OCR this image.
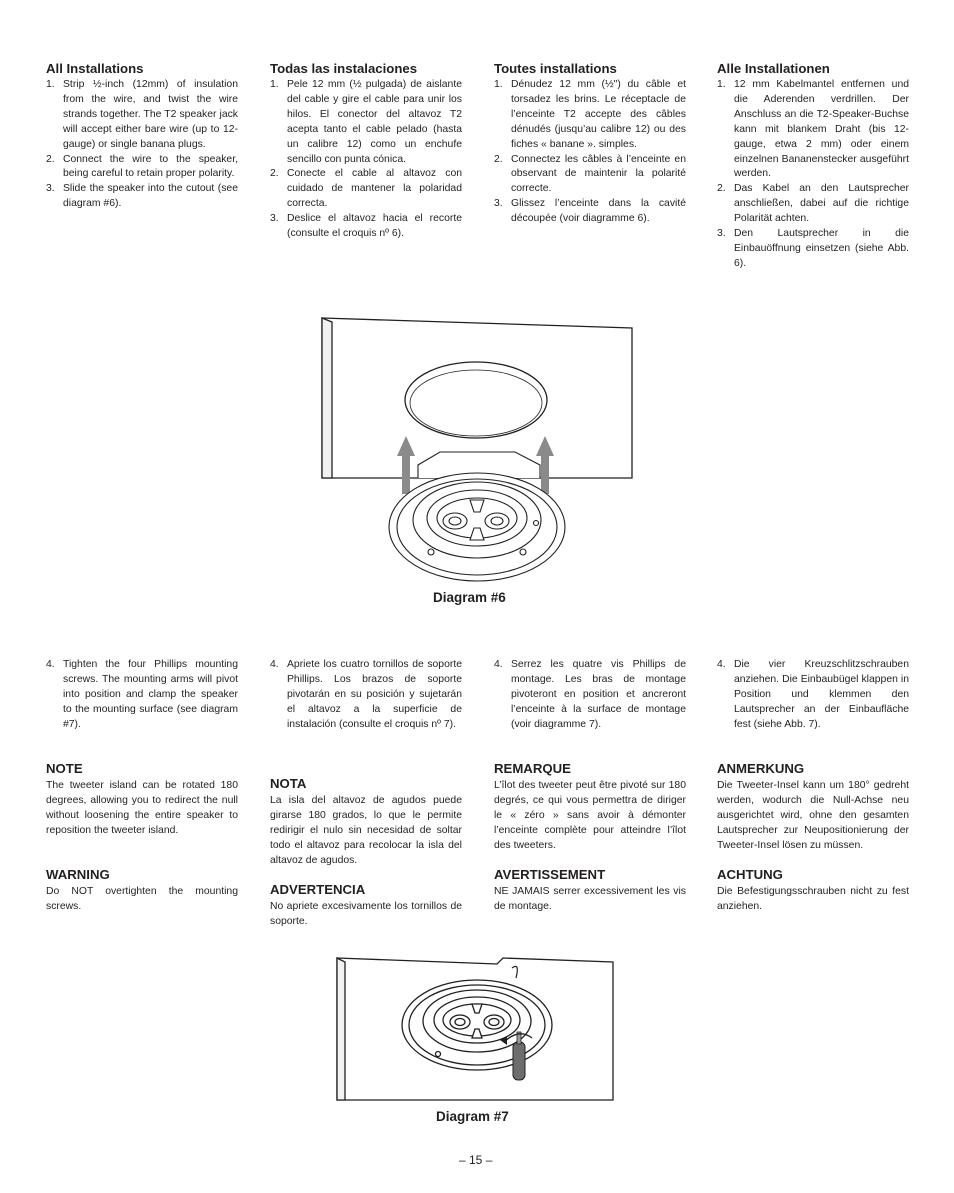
All Installations
1. Strip ½-inch (12mm) of insulation from the wire, and twist the wire strands together. The T2 speaker jack will accept either bare wire (up to 12-gauge) or single banana plugs.
2. Connect the wire to the speaker, being careful to retain proper polarity.
3. Slide the speaker into the cutout (see diagram #6).
Todas las instalaciones
1. Pele 12 mm (½ pulgada) de aislante del cable y gire el cable para unir los hilos. El conector del altavoz T2 acepta tanto el cable pelado (hasta un calibre 12) como un enchufe sencillo con punta cónica.
2. Conecte el cable al altavoz con cuidado de mantener la polaridad correcta.
3. Deslice el altavoz hacia el recorte (consulte el croquis nº 6).
Toutes installations
1. Dénudez 12 mm (½") du câble et torsadez les brins. Le réceptacle de l’enceinte T2 accepte des câbles dénudés (jusqu’au calibre 12) ou des fiches « banane ». simples.
2. Connectez les câbles à l’enceinte en observant de maintenir la polarité correcte.
3. Glissez l’enceinte dans la cavité découpée (voir diagramme 6).
Alle Installationen
1. 12 mm Kabelmantel entfernen und die Aderenden verdrillen. Der Anschluss an die T2-Speaker-Buchse kann mit blankem Draht (bis 12-gauge, etwa 2 mm) oder einem einzelnen Bananenstecker ausgeführt werden.
2. Das Kabel an den Lautsprecher anschließen, dabei auf die richtige Polarität achten.
3. Den Lautsprecher in die Einbauöffnung einsetzen (siehe Abb. 6).
Diagram #6
4. Tighten the four Phillips mounting screws. The mounting arms will pivot into position and clamp the speaker to the mounting surface (see diagram #7).
4. Apriete los cuatro tornillos de soporte Phillips. Los brazos de soporte pivotarán en su posición y sujetarán el altavoz a la superficie de instalación (consulte el croquis nº 7).
4. Serrez les quatre vis Phillips de montage. Les bras de montage pivoteront en position et ancreront l’enceinte à la surface de montage (voir diagramme 7).
4. Die vier Kreuzschlitzschrauben anziehen. Die Einbaubügel klappen in Position und klemmen den Lautsprecher an der Einbaufläche fest (siehe Abb. 7).
NOTE

The tweeter island can be rotated 180 degrees, allowing you to redirect the null without loosening the entire speaker to reposition the tweeter island.

WARNING

Do NOT overtighten the mounting screws.

NOTA

La isla del altavoz de agudos puede girarse 180 grados, lo que le permite redirigir el nulo sin necesidad de soltar todo el altavoz para recolocar la isla del altavoz de agudos.

ADVERTENCIA

No apriete excesivamente los tornillos de soporte.

REMARQUE

L’îlot des tweeter peut être pivoté sur 180 degrés, ce qui vous permettra de diriger le « zéro » sans avoir à démonter l’enceinte complète pour atteindre l’îlot des tweeters.

AVERTISSEMENT

NE JAMAIS serrer excessivement les vis de montage.

ANMERKUNG

Die Tweeter-Insel kann um 180° gedreht werden, wodurch die Null-Achse neu ausgerichtet wird, ohne den gesamten Lautsprecher zur Neupositionierung der Tweeter-Insel lösen zu müssen.

ACHTUNG

Die Befestigungsschrauben nicht zu fest anziehen.

Diagram #7
– 15 –
